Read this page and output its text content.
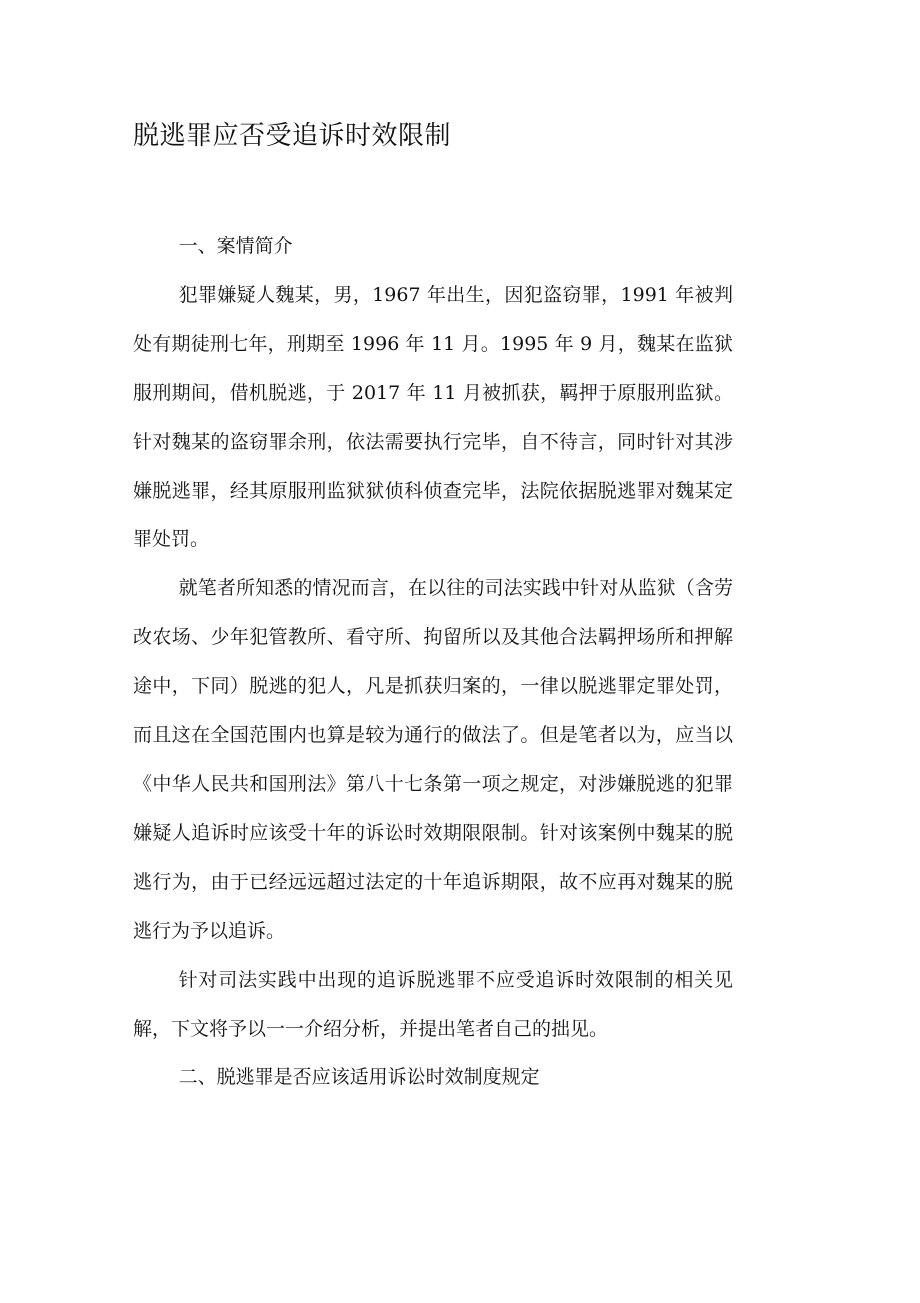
脱逃罪应否受追诉时效限制

一、案情简介

犯罪嫌疑人魏某，男，1967 年出生，因犯盗窃罪，1991 年被判处有期徒刑七年，刑期至 1996 年 11 月。1995 年 9 月，魏某在监狱服刑期间，借机脱逃，于 2017 年 11 月被抓获，羁押于原服刑监狱。针对魏某的盗窃罪余刑，依法需要执行完毕，自不待言，同时针对其涉嫌脱逃罪，经其原服刑监狱狱侦科侦查完毕，法院依据脱逃罪对魏某定罪处罚。

就笔者所知悉的情况而言，在以往的司法实践中针对从监狱（含劳改农场、少年犯管教所、看守所、拘留所以及其他合法羁押场所和押解途中，下同）脱逃的犯人，凡是抓获归案的，一律以脱逃罪定罪处罚，而且这在全国范围内也算是较为通行的做法了。但是笔者以为，应当以《中华人民共和国刑法》第八十七条第一项之规定，对涉嫌脱逃的犯罪嫌疑人追诉时应该受十年的诉讼时效期限限制。针对该案例中魏某的脱逃行为，由于已经远远超过法定的十年追诉期限，故不应再对魏某的脱逃行为予以追诉。

针对司法实践中出现的追诉脱逃罪不应受追诉时效限制的相关见解，下文将予以一一介绍分析，并提出笔者自己的拙见。

二、脱逃罪是否应该适用诉讼时效制度规定
